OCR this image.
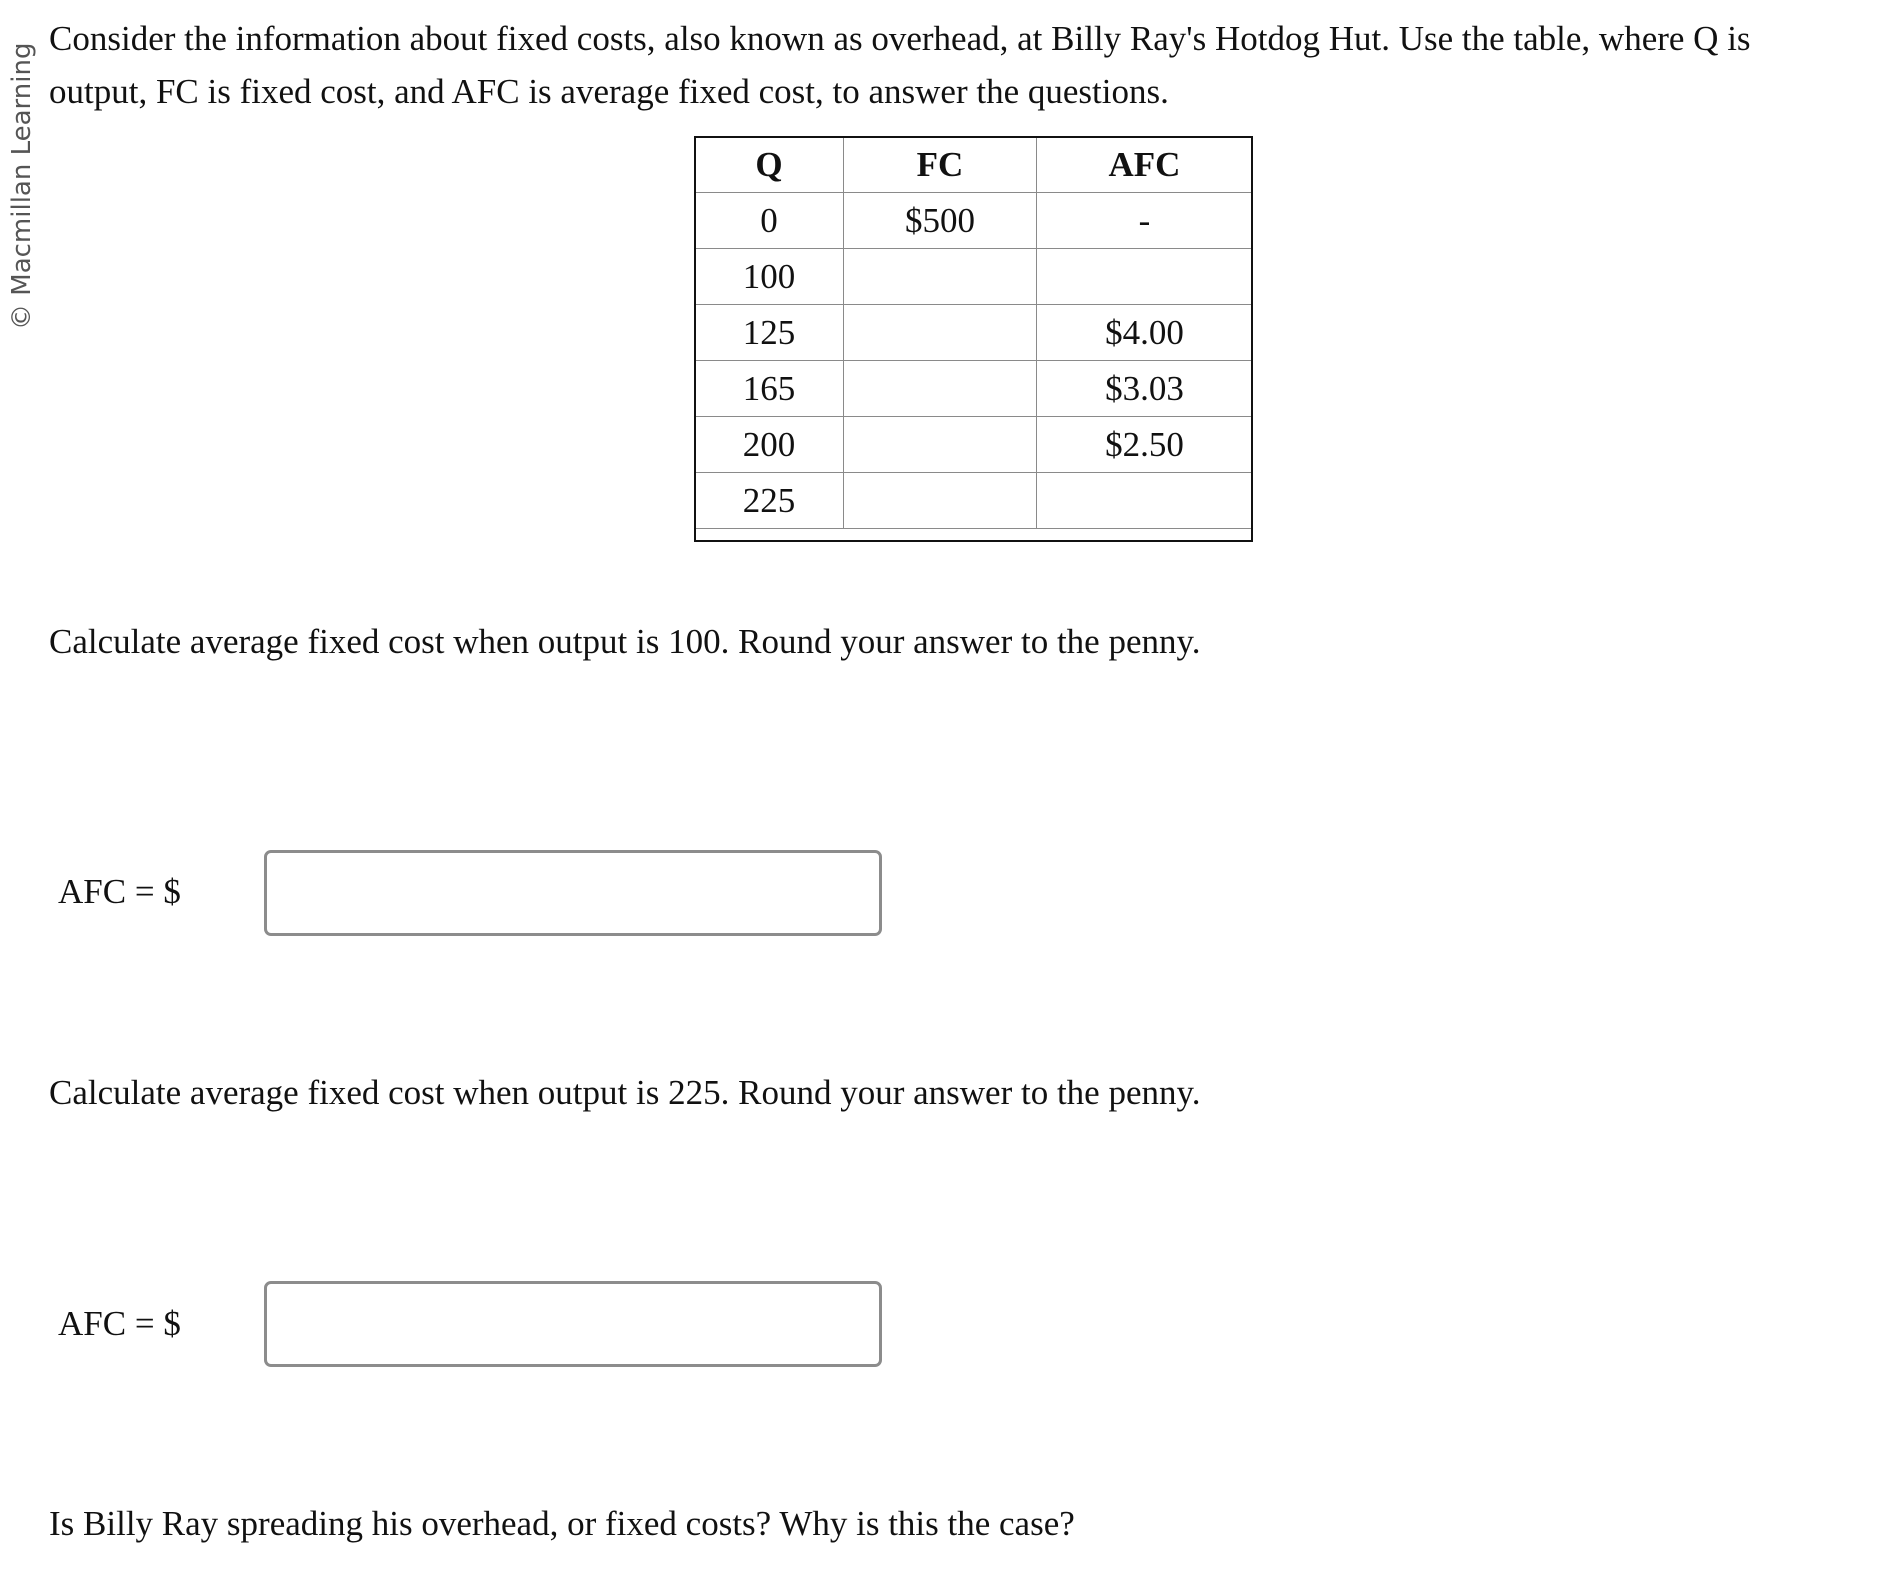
© Macmillan Learning

Consider the information about fixed costs, also known as overhead, at Billy Ray's Hotdog Hut. Use the table, where Q is output, FC is fixed cost, and AFC is average fixed cost, to answer the questions.

Q	FC	AFC
0	$500	-
100		
125		$4.00
165		$3.03
200		$2.50
225		

Calculate average fixed cost when output is 100. Round your answer to the penny.

AFC = $

Calculate average fixed cost when output is 225. Round your answer to the penny.

AFC = $

Is Billy Ray spreading his overhead, or fixed costs? Why is this the case?
